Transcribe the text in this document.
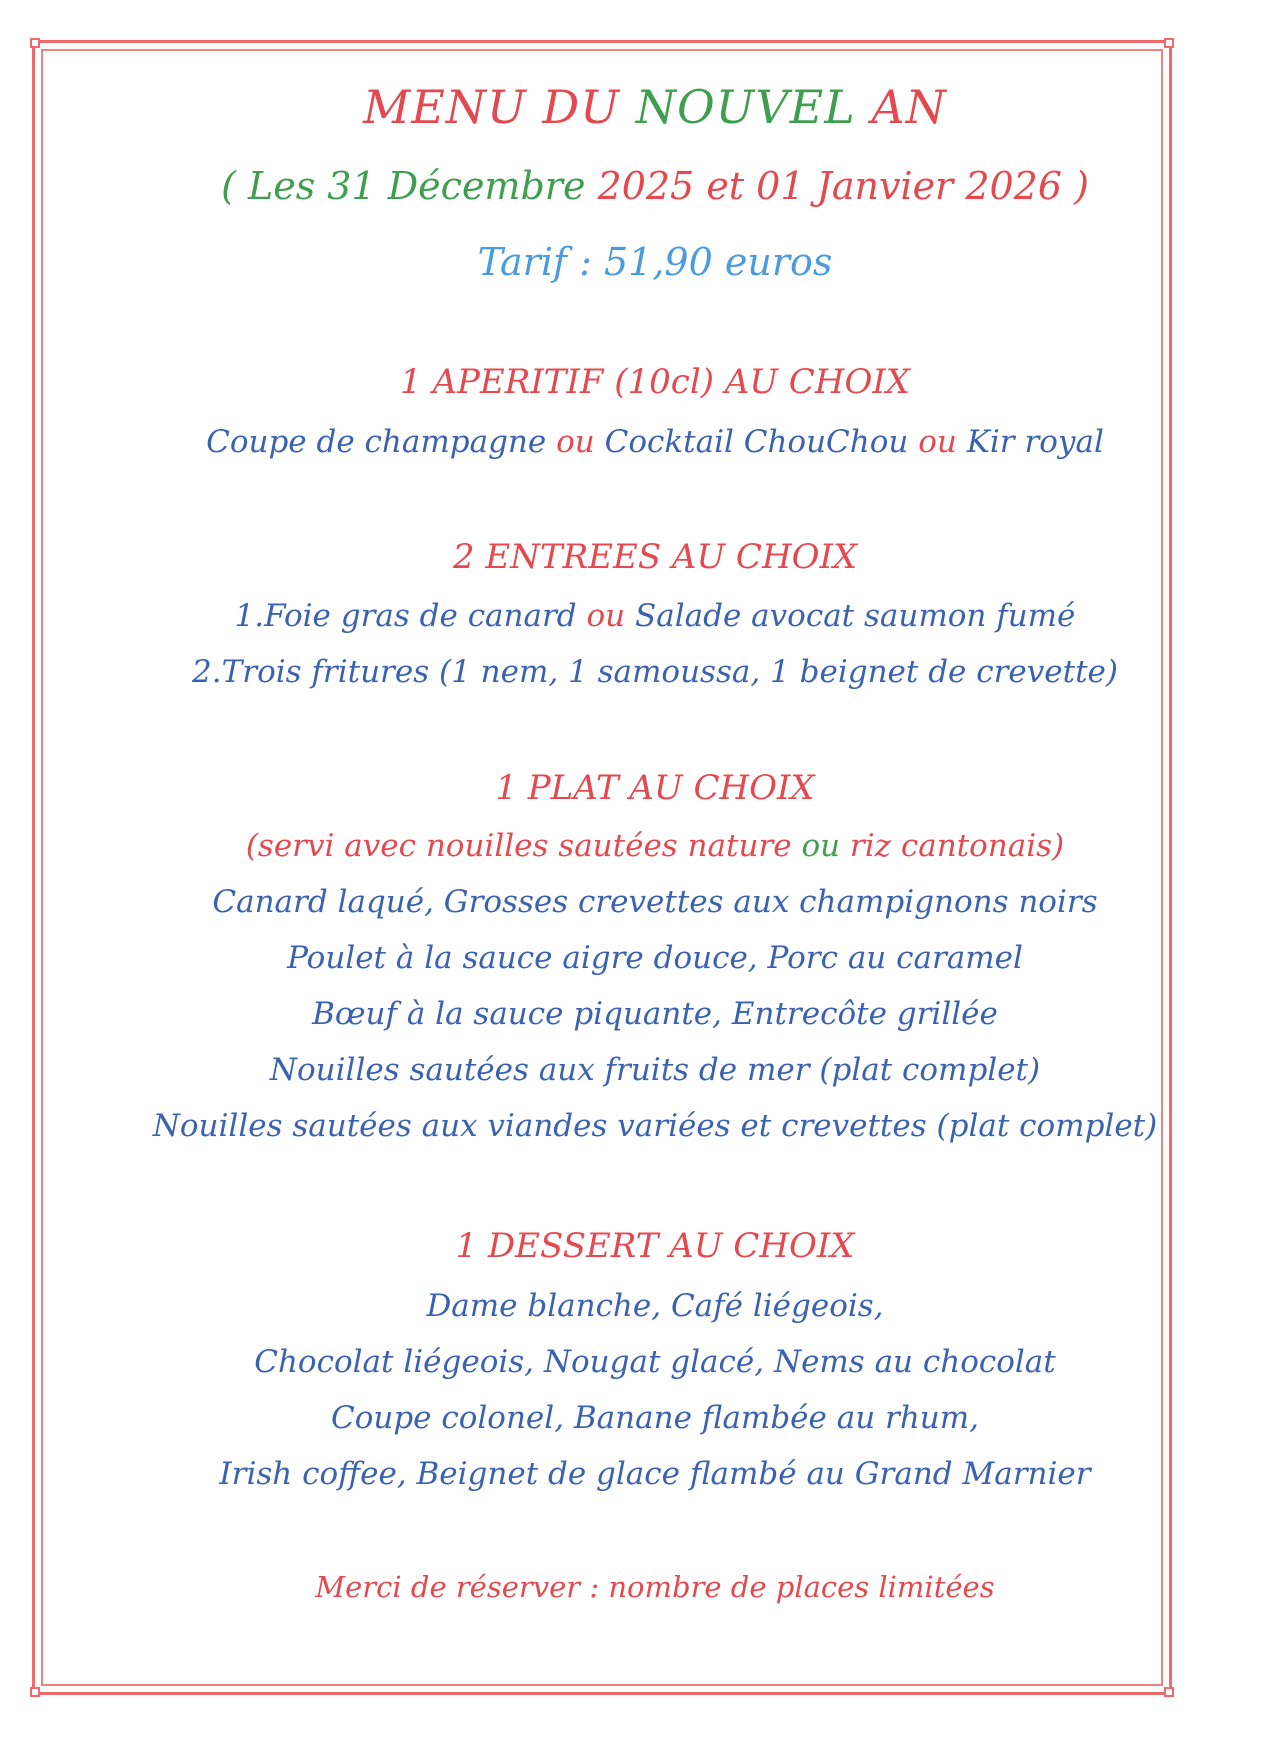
MENU DU NOUVEL AN
( Les 31 Décembre 2025 et 01 Janvier 2026 )
Tarif : 51,90 euros
1 APERITIF (10cl) AU CHOIX
Coupe de champagne ou Cocktail ChouChou ou Kir royal
2 ENTREES AU CHOIX
1.Foie gras de canard ou Salade avocat saumon fumé
2.Trois fritures (1 nem, 1 samoussa, 1 beignet de crevette)
1 PLAT AU CHOIX
(servi avec nouilles sautées nature ou riz cantonais)
Canard laqué, Grosses crevettes aux champignons noirs
Poulet à la sauce aigre douce, Porc au caramel
Bœuf à la sauce piquante, Entrecôte grillée
Nouilles sautées aux fruits de mer (plat complet)
Nouilles sautées aux viandes variées et crevettes (plat complet)
1 DESSERT AU CHOIX
Dame blanche, Café liégeois,
Chocolat liégeois, Nougat glacé, Nems au chocolat
Coupe colonel, Banane flambée au rhum,
Irish coffee, Beignet de glace flambé au Grand Marnier
Merci de réserver : nombre de places limitées
